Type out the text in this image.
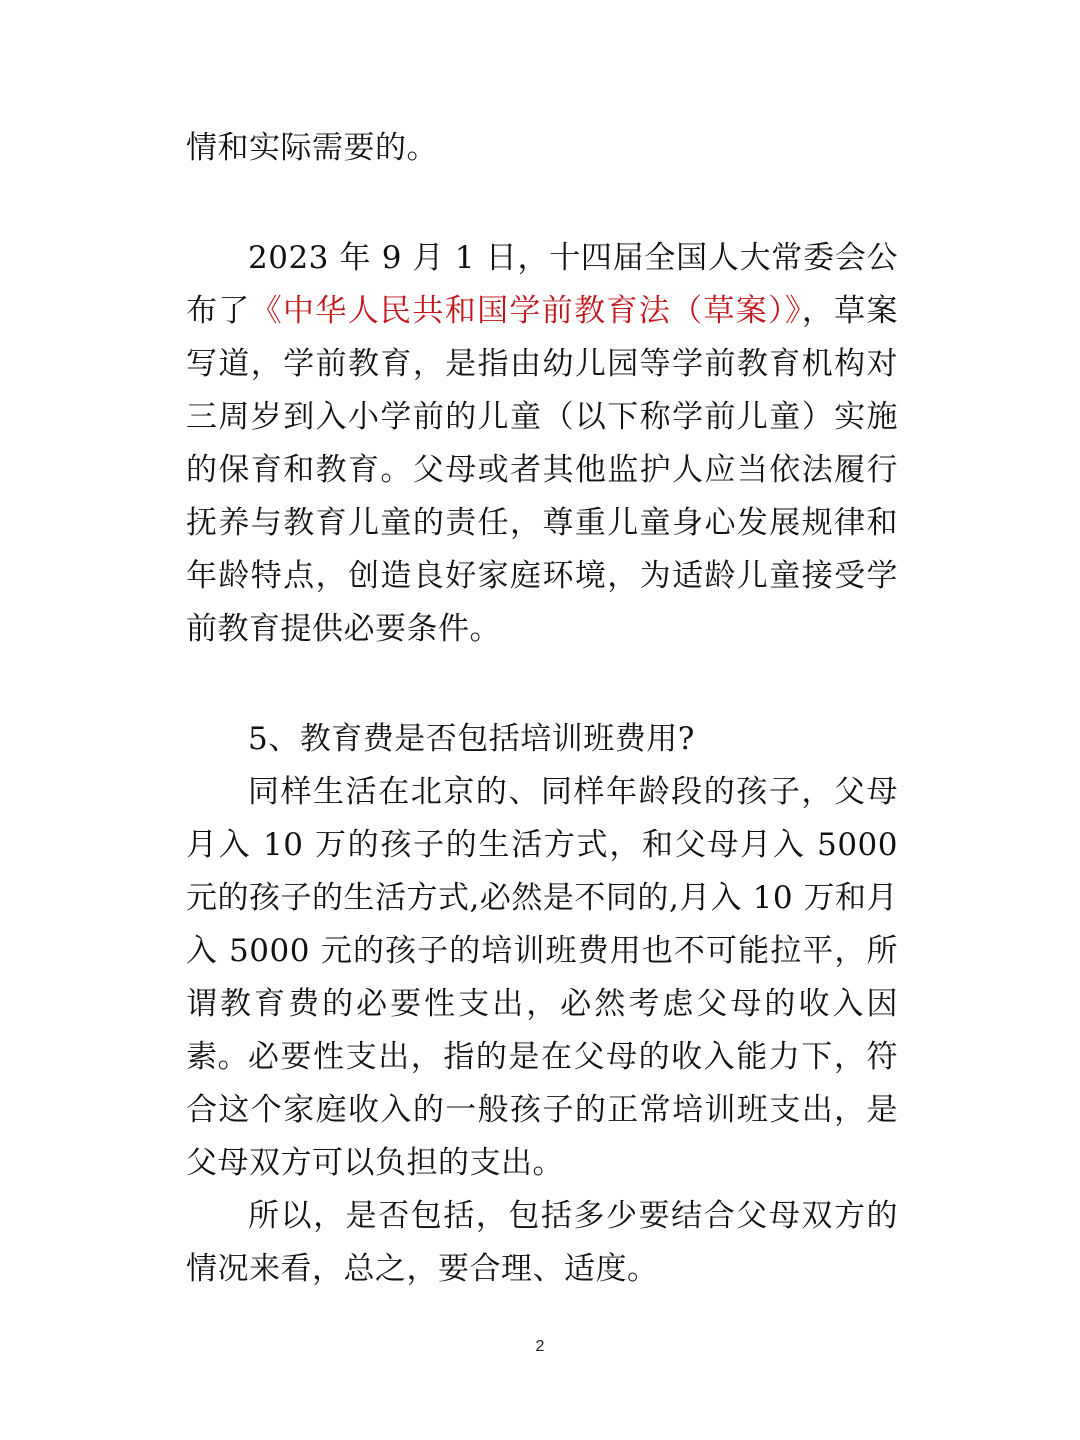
情和实际需要的。

2023 年 9 月 1 日，十四届全国人大常委会公布了《中华人民共和国学前教育法（草案）》，草案写道，学前教育，是指由幼儿园等学前教育机构对三周岁到入小学前的儿童（以下称学前儿童）实施的保育和教育。父母或者其他监护人应当依法履行抚养与教育儿童的责任，尊重儿童身心发展规律和年龄特点，创造良好家庭环境，为适龄儿童接受学前教育提供必要条件。

5、教育费是否包括培训班费用?

同样生活在北京的、同样年龄段的孩子，父母月入 10 万的孩子的生活方式，和父母月入 5000 元的孩子的生活方式,必然是不同的,月入 10 万和月入 5000 元的孩子的培训班费用也不可能拉平，所谓教育费的必要性支出，必然考虑父母的收入因素。 必要性支出，指的是在父母的收入能力下，符合这个家庭收入的一般孩子的正常培训班支出，是父母双方可以负担的支出。

所以，是否包括，包括多少要结合父母双方的情况来看，总之，要合理、适度。

2
